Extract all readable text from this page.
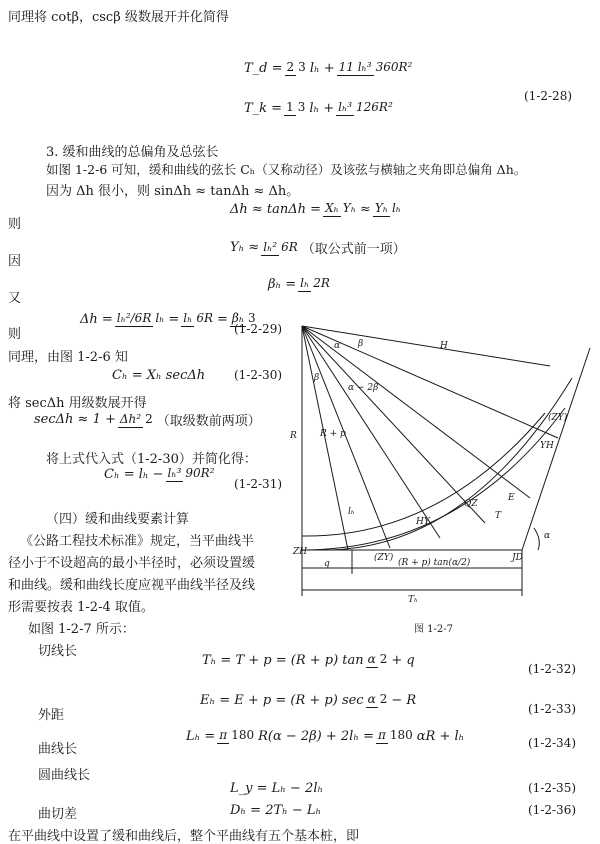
同理将 cotβ，cscβ 级数展开并化简得
T_d = 2 3 lₕ + 11 lₕ³ 360R²
T_k = 1 3 lₕ + lₕ³ 126R²
(1-2-28)
3. 缓和曲线的总偏角及总弦长
如图 1-2-6 可知，缓和曲线的弦长 Cₕ（又称动径）及该弦与横轴之夹角即总偏角 Δh。
因为 Δh 很小，则 sinΔh ≈ tanΔh ≈ Δh。
则
Δh ≈ tanΔh = Xₕ Yₕ ≈ Yₕ lₕ
因
Yₕ ≈ lₕ² 6R （取公式前一项）
又
βₕ = lₕ 2R
则
Δh = lₕ²/6R lₕ = lₕ 6R = βₕ 3
(1-2-29)
同理，由图 1-2-6 知
Cₕ = Xₕ secΔh (1-2-30)
将 secΔh 用级数展开得
secΔh ≈ 1 + Δh² 2 （取级数前两项）
将上式代入式（1-2-30）并简化得：
Cₕ = lₕ − lₕ³ 90R²
(1-2-31)
（四）缓和曲线要素计算
《公路工程技术标准》规定，当平曲线半
径小于不设超高的最小半径时，必须设置缓
和曲线。缓和曲线长度应视平曲线半径及线
形需要按表 1-2-4 取值。
如图 1-2-7 所示：
切线长
α β
β
α − 2β
H
R	R + p
ZH
(ZY)
(ZY)
HY
QZ
YH
JD
q	(R + p) tan(α/2)
T
E
lₕ
Tₕ
α
图 1-2-7
Tₕ = T + p = (R + p) tan α 2 + q
(1-2-32)
外距
Eₕ = E + p = (R + p) sec α 2 − R
(1-2-33)
曲线长
Lₕ = π 180 R(α − 2β) + 2lₕ = π 180 αR + lₕ	(1-2-34)
圆曲线长
L_y = Lₕ − 2lₕ	(1-2-35)
曲切差	Dₕ = 2Tₕ − Lₕ	(1-2-36)
在平曲线中设置了缓和曲线后，整个平曲线有五个基本桩，即
